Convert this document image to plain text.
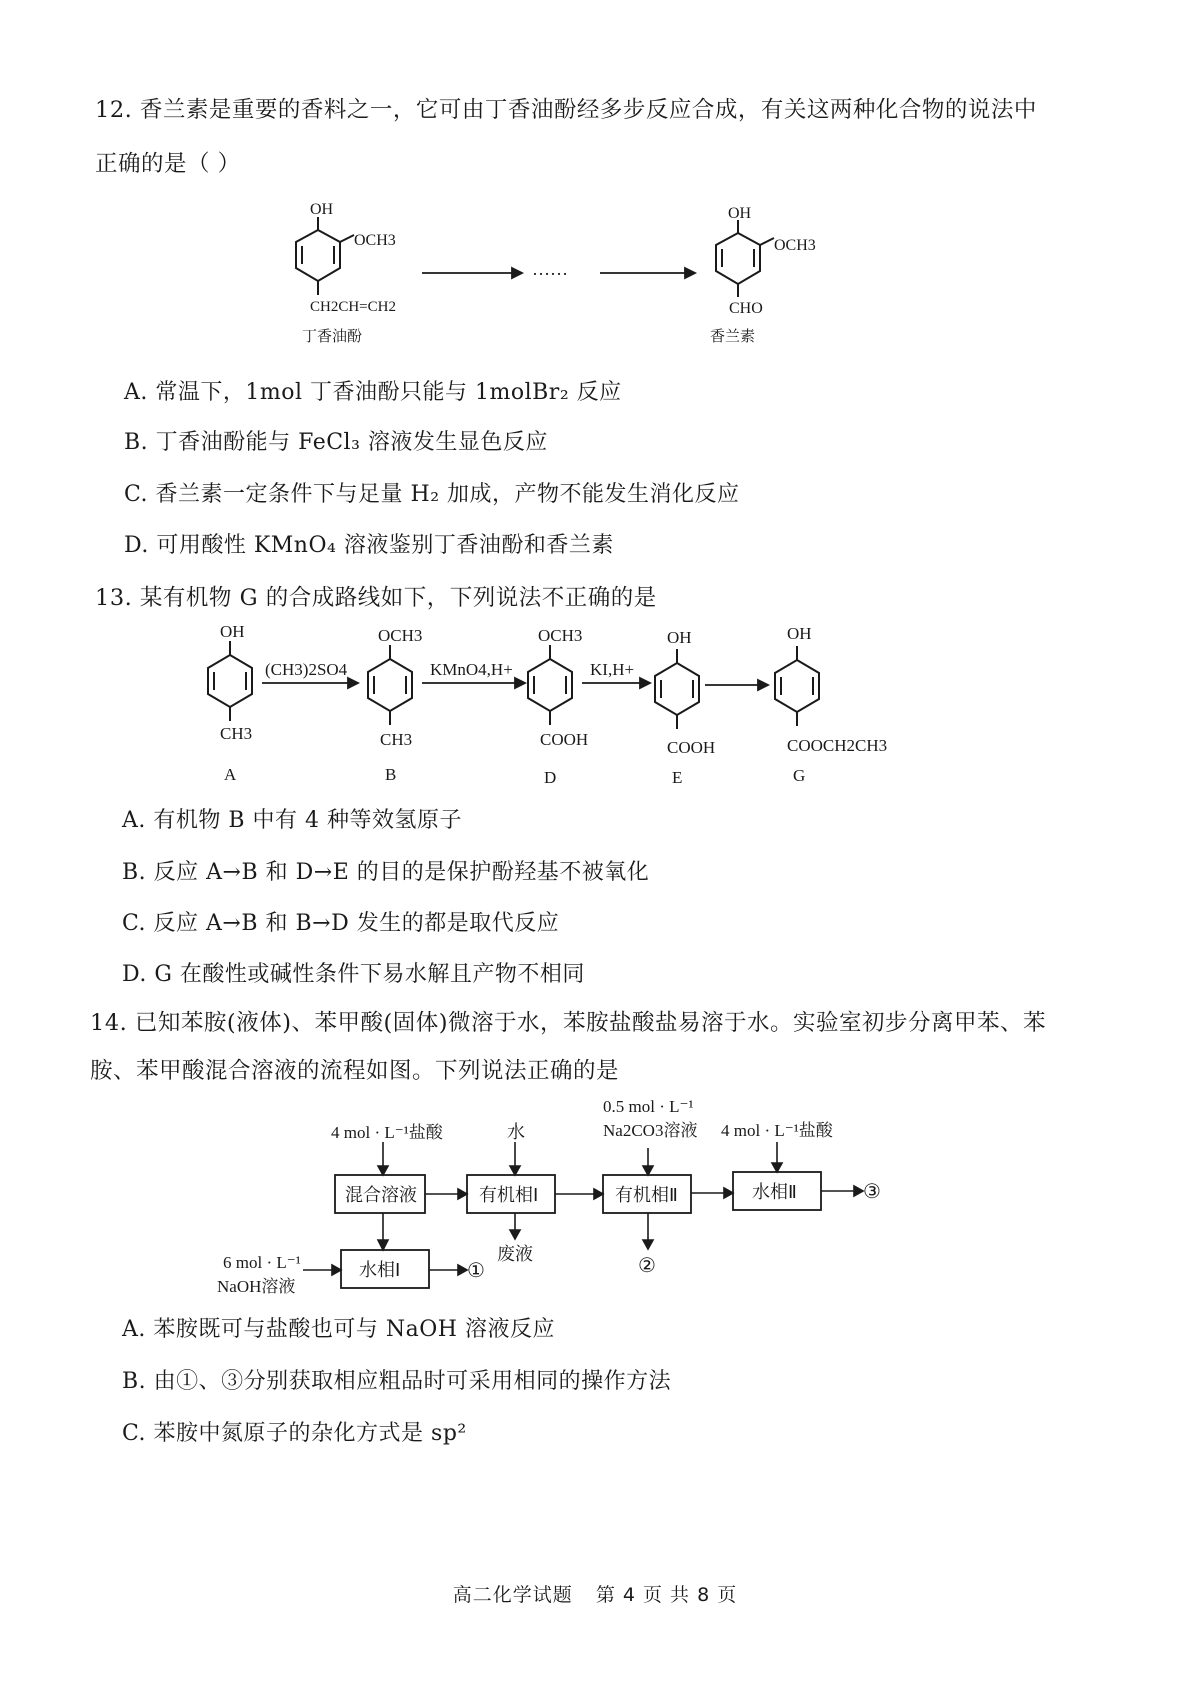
12. 香兰素是重要的香料之一，它可由丁香油酚经多步反应合成，有关这两种化合物的说法中
正确的是（ ）
OH
OCH3
CH2CH=CH2
丁香油酚
……
OH
OCH3
CHO
香兰素
A. 常温下，1mol 丁香油酚只能与 1molBr₂ 反应
B. 丁香油酚能与 FeCl₃ 溶液发生显色反应
C. 香兰素一定条件下与足量 H₂ 加成，产物不能发生消化反应
D. 可用酸性 KMnO₄ 溶液鉴别丁香油酚和香兰素
13. 某有机物 G 的合成路线如下，下列说法不正确的是
OH
CH3
A
(CH3)2SO4
OCH3
CH3
B
KMnO4,H+
OCH3
COOH
D
KI,H+
OH
COOH
E
OH
COOCH2CH3
G
A. 有机物 B 中有 4 种等效氢原子
B. 反应 A→B 和 D→E 的目的是保护酚羟基不被氧化
C. 反应 A→B 和 B→D 发生的都是取代反应
D. G 在酸性或碱性条件下易水解且产物不相同
14. 已知苯胺(液体)、苯甲酸(固体)微溶于水，苯胺盐酸盐易溶于水。实验室初步分离甲苯、苯
胺、苯甲酸混合溶液的流程如图。下列说法正确的是
4 mol · L⁻¹盐酸	水
0.5 mol · L⁻¹
Na2CO3溶液 4 mol · L⁻¹盐酸
混合溶液	有机相Ⅰ	有机相Ⅱ	水相Ⅱ
水相Ⅰ
6 mol · L⁻¹
NaOH溶液
废液
①	②
③
A. 苯胺既可与盐酸也可与 NaOH 溶液反应
B. 由①、③分别获取相应粗品时可采用相同的操作方法
C. 苯胺中氮原子的杂化方式是 sp²
高二化学试题 第 4 页 共 8 页
